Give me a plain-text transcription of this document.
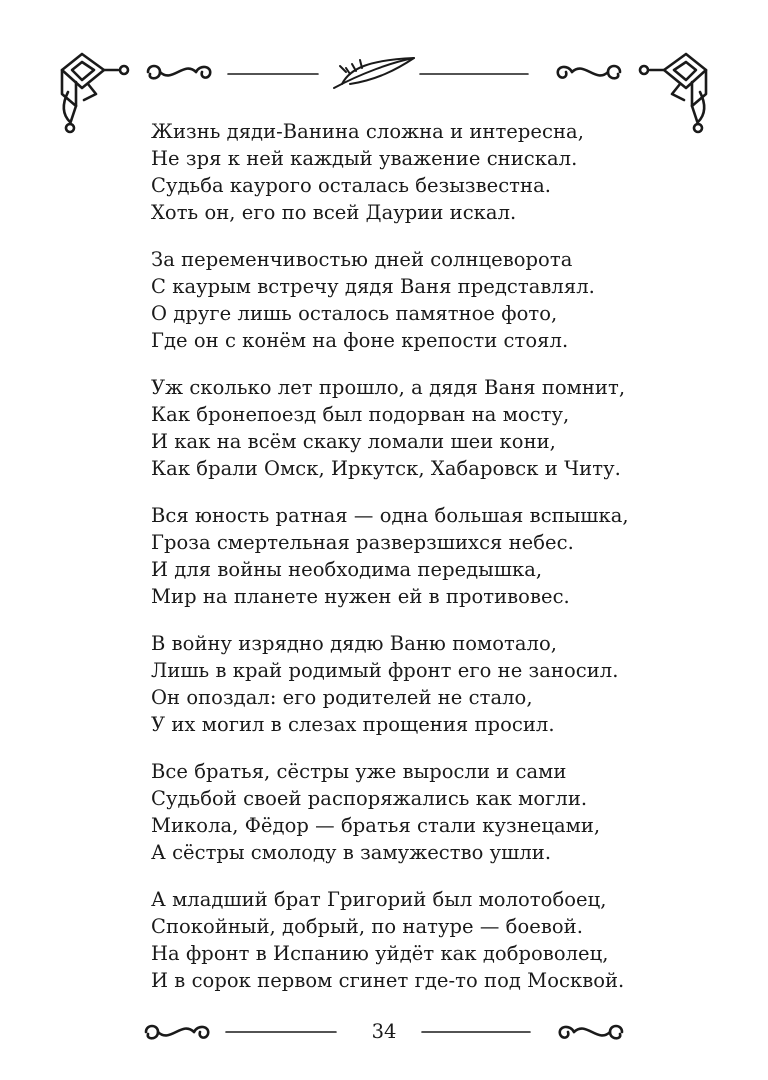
Жизнь дяди-Ванина сложна и интересна,
Не зря к ней каждый уважение снискал.
Судьба каурого осталась безызвестна.
Хоть он, его по всей Даурии искал.
За переменчивостью дней солнцеворота
С каурым встречу дядя Ваня представлял.
О друге лишь осталось памятное фото,
Где он с конём на фоне крепости стоял.
Уж сколько лет прошло, а дядя Ваня помнит,
Как бронепоезд был подорван на мосту,
И как на всём скаку ломали шеи кони,
Как брали Омск, Иркутск, Хабаровск и Читу.
Вся юность ратная — одна большая вспышка,
Гроза смертельная разверзшихся небес.
И для войны необходима передышка,
Мир на планете нужен ей в противовес.
В войну изрядно дядю Ваню помотало,
Лишь в край родимый фронт его не заносил.
Он опоздал: его родителей не стало,
У их могил в слезах прощения просил.
Все братья, сёстры уже выросли и сами
Судьбой своей распоряжались как могли.
Микола, Фёдор — братья стали кузнецами,
А сёстры смолоду в замужество ушли.
А младший брат Григорий был молотобоец,
Спокойный, добрый, по натуре — боевой.
На фронт в Испанию уйдёт как доброволец,
И в сорок первом сгинет где-то под Москвой.
34
